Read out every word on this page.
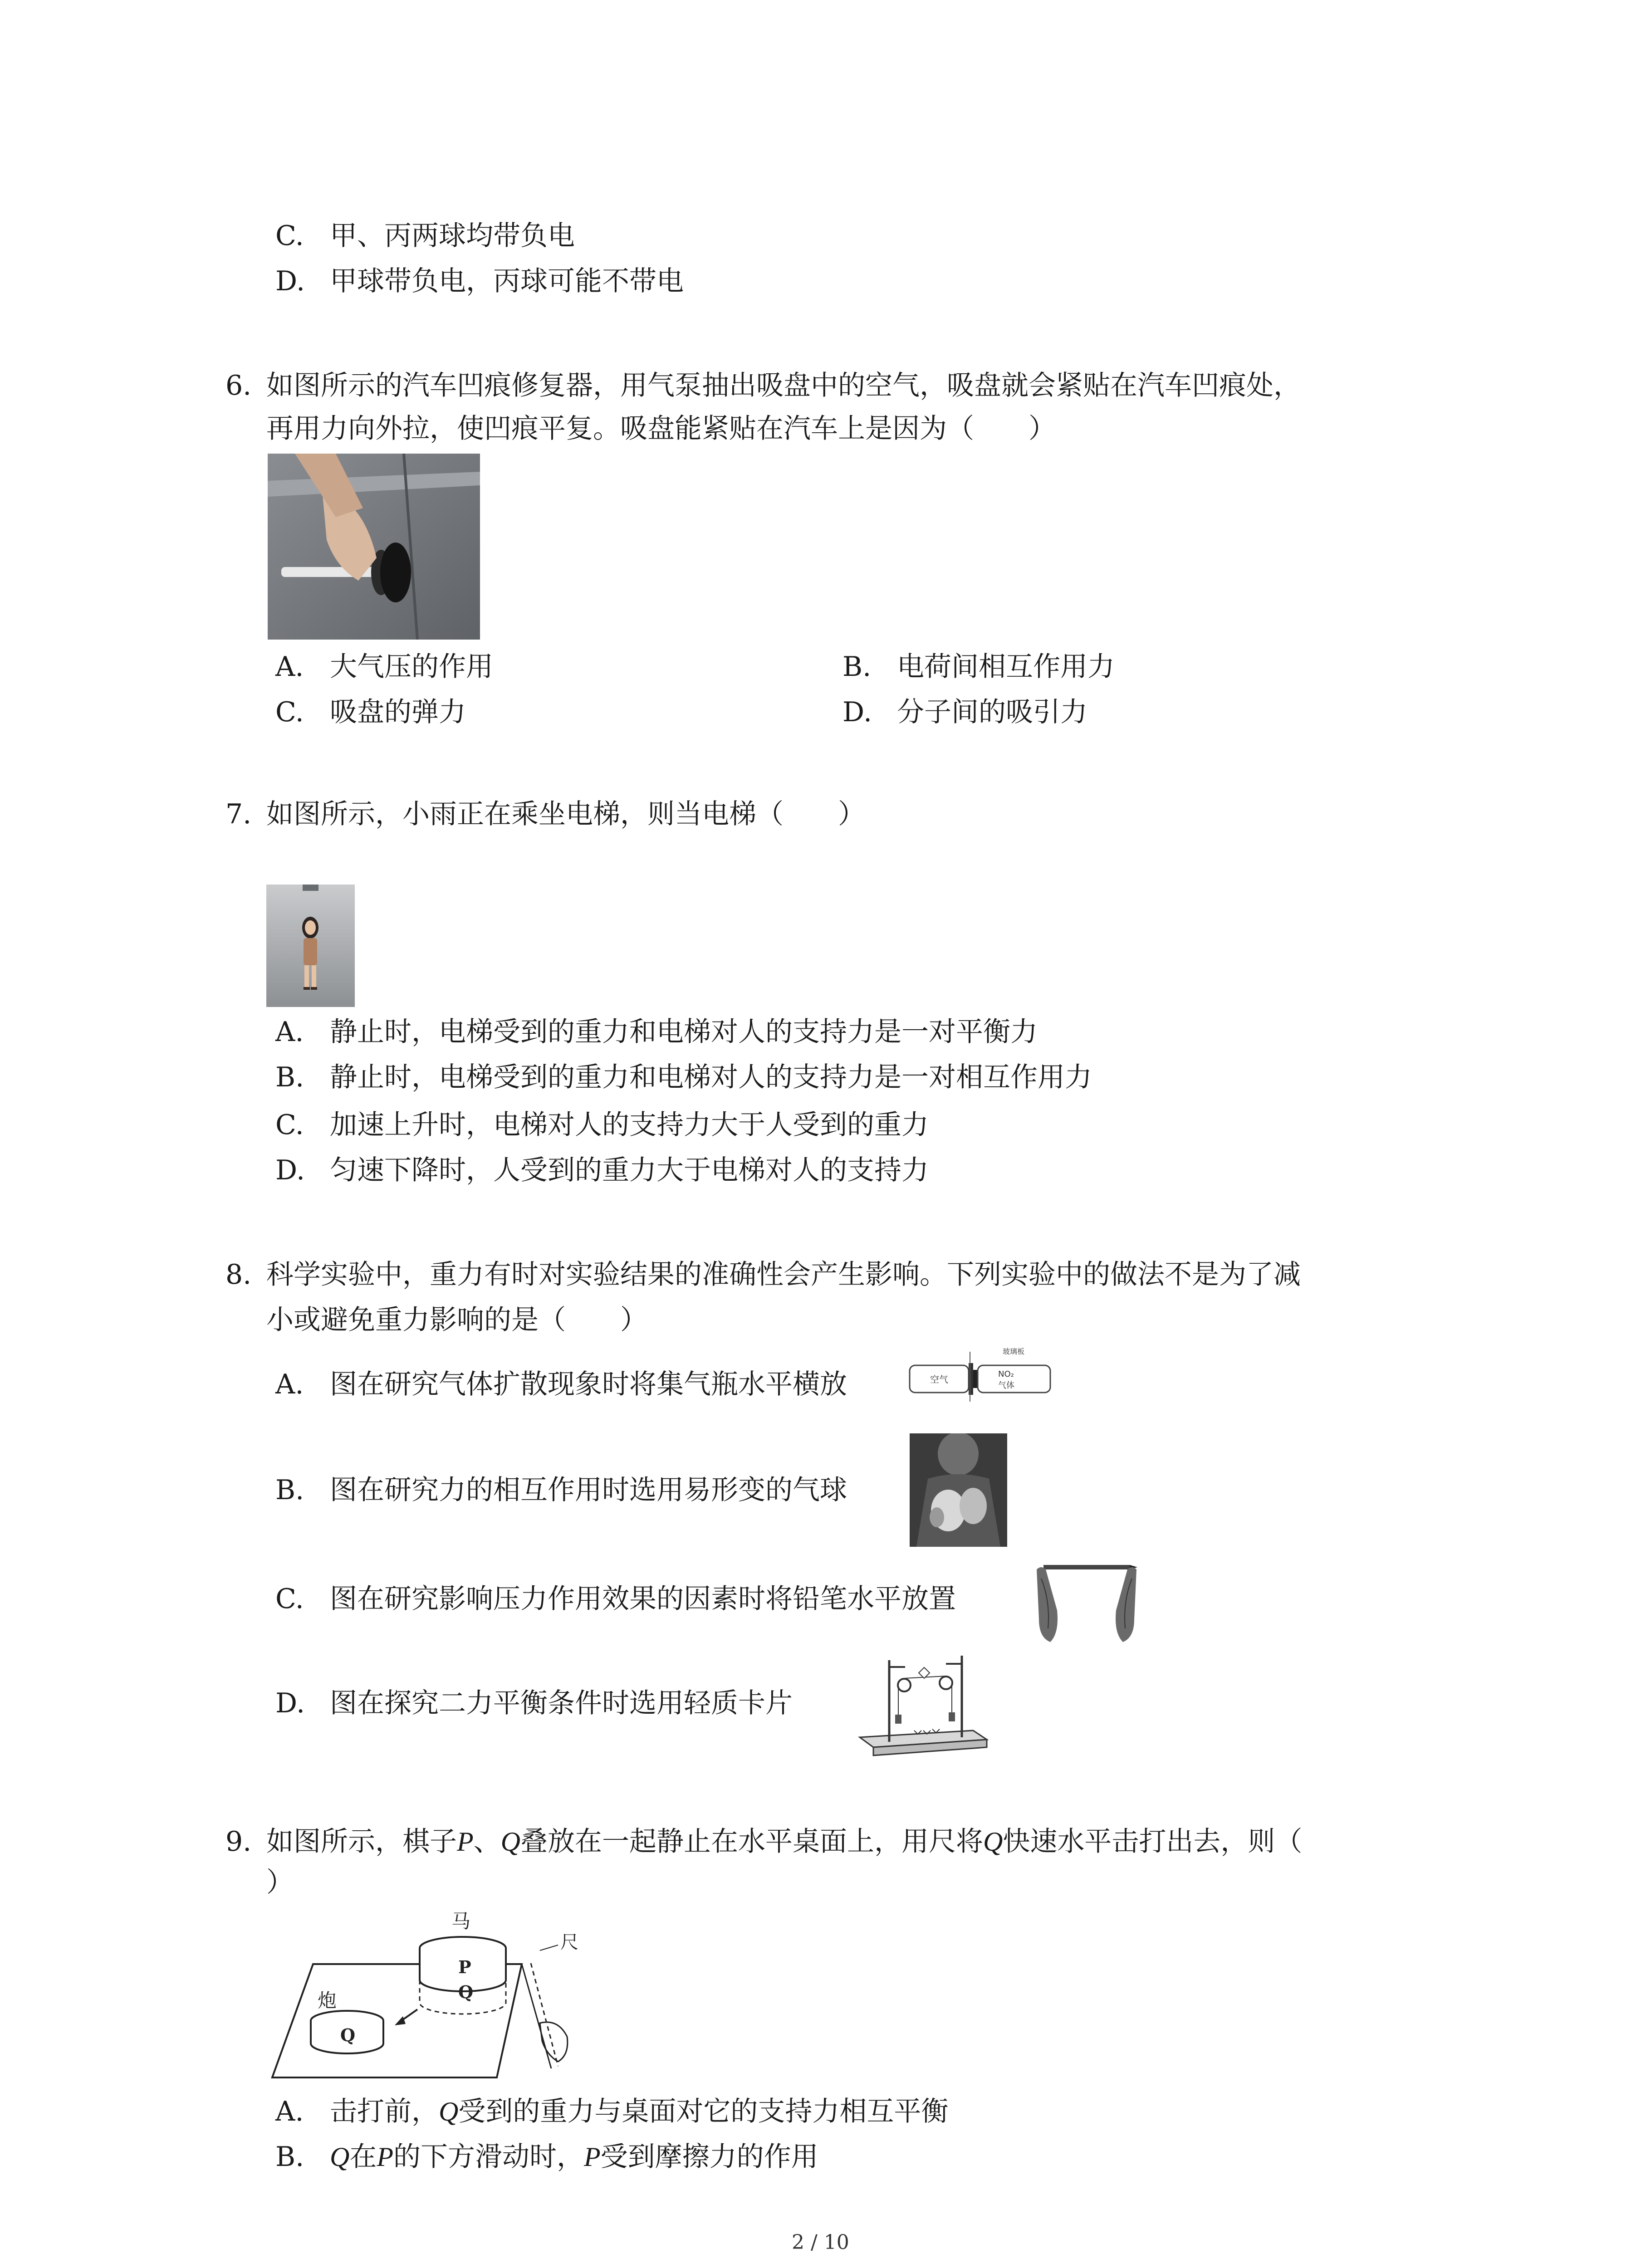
C. 甲、丙两球均带负电
D. 甲球带负电，丙球可能不带电
6. 如图所示的汽车凹痕修复器，用气泵抽出吸盘中的空气，吸盘就会紧贴在汽车凹痕处，
再用力向外拉，使凹痕平复。吸盘能紧贴在汽车上是因为（　　）
A. 大气压的作用	B. 电荷间相互作用力
C. 吸盘的弹力	D. 分子间的吸引力
7. 如图所示，小雨正在乘坐电梯，则当电梯（　　）
A. 静止时，电梯受到的重力和电梯对人的支持力是一对平衡力
B. 静止时，电梯受到的重力和电梯对人的支持力是一对相互作用力
C. 加速上升时，电梯对人的支持力大于人受到的重力
D. 匀速下降时，人受到的重力大于电梯对人的支持力
8. 科学实验中，重力有时对实验结果的准确性会产生影响。下列实验中的做法不是为了减
小或避免重力影响的是（　　）
A. 图在研究气体扩散现象时将集气瓶水平横放	空气	NO₂
气体
玻璃板
B. 图在研究力的相互作用时选用易形变的气球
C. 图在研究影响压力作用效果的因素时将铅笔水平放置
D. 图在探究二力平衡条件时选用轻质卡片
9. 如图所示，棋子P、Q叠放在一起静止在水平桌面上，用尺将Q快速水平击打出去，则（
）
P
Q
马
Q
炮
尺
A. 击打前，Q受到的重力与桌面对它的支持力相互平衡
B. Q在P的下方滑动时，P受到摩擦力的作用
2 / 10
